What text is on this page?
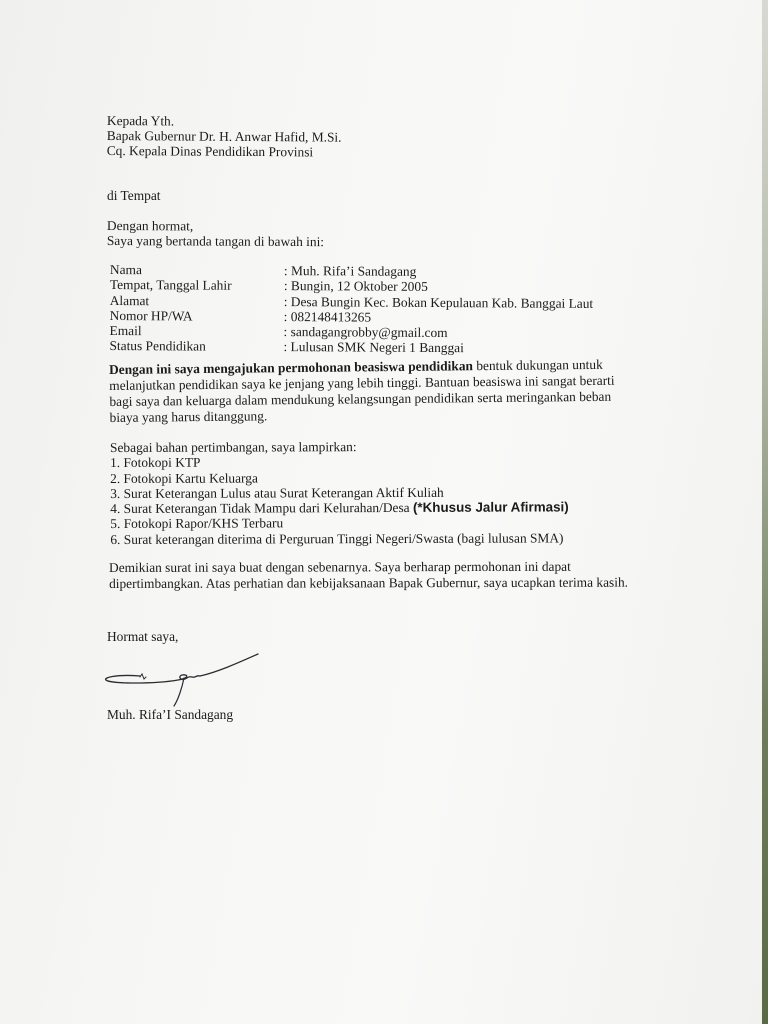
Kepada Yth.
Bapak Gubernur Dr. H. Anwar Hafid, M.Si.
Cq. Kepala Dinas Pendidikan Provinsi
di Tempat
Dengan hormat,
Saya yang bertanda tangan di bawah ini:
Nama	: Muh. Rifa’i Sandagang
Tempat, Tanggal Lahir	: Bungin, 12 Oktober 2005
Alamat	: Desa Bungin Kec. Bokan Kepulauan Kab. Banggai Laut
Nomor HP/WA	: 082148413265
Email	: sandagangrobby@gmail.com
Status Pendidikan	: Lulusan SMK Negeri 1 Banggai
Dengan ini saya mengajukan permohonan beasiswa pendidikan bentuk dukungan untuk
melanjutkan pendidikan saya ke jenjang yang lebih tinggi. Bantuan beasiswa ini sangat berarti
bagi saya dan keluarga dalam mendukung kelangsungan pendidikan serta meringankan beban
biaya yang harus ditanggung.
Sebagai bahan pertimbangan, saya lampirkan:
1. Fotokopi KTP
2. Fotokopi Kartu Keluarga
3. Surat Keterangan Lulus atau Surat Keterangan Aktif Kuliah
4. Surat Keterangan Tidak Mampu dari Kelurahan/Desa (*Khusus Jalur Afirmasi)
5. Fotokopi Rapor/KHS Terbaru
6. Surat keterangan diterima di Perguruan Tinggi Negeri/Swasta (bagi lulusan SMA)
Demikian surat ini saya buat dengan sebenarnya. Saya berharap permohonan ini dapat
dipertimbangkan. Atas perhatian dan kebijaksanaan Bapak Gubernur, saya ucapkan terima kasih.
Hormat saya,
Muh. Rifa’I Sandagang
